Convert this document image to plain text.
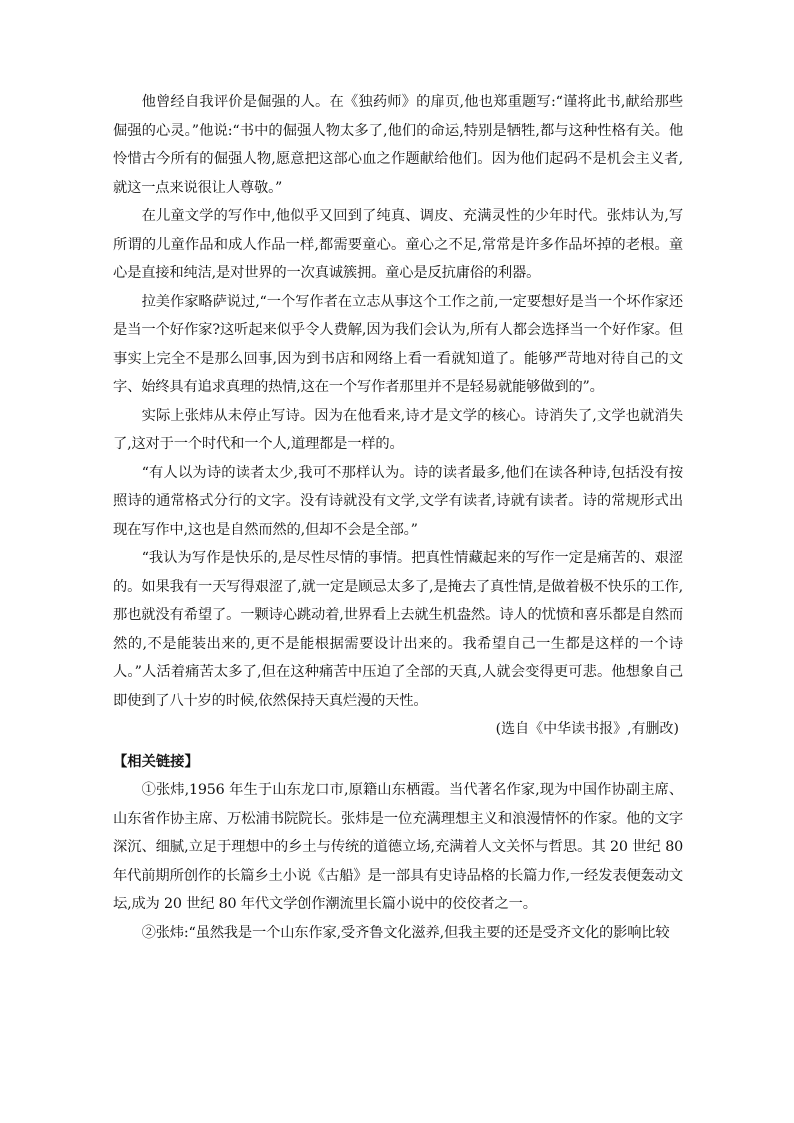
他曾经自我评价是倔强的人。在《独药师》的扉页,他也郑重题写:“谨将此书,献给那些倔强的心灵。”他说:“书中的倔强人物太多了,他们的命运,特别是牺牲,都与这种性格有关。他怜惜古今所有的倔强人物,愿意把这部心血之作题献给他们。因为他们起码不是机会主义者,就这一点来说很让人尊敬。”

在儿童文学的写作中,他似乎又回到了纯真、调皮、充满灵性的少年时代。张炜认为,写所谓的儿童作品和成人作品一样,都需要童心。童心之不足,常常是许多作品坏掉的老根。童心是直接和纯洁,是对世界的一次真诚簇拥。童心是反抗庸俗的利器。

拉美作家略萨说过,“一个写作者在立志从事这个工作之前,一定要想好是当一个坏作家还是当一个好作家?这听起来似乎令人费解,因为我们会认为,所有人都会选择当一个好作家。但事实上完全不是那么回事,因为到书店和网络上看一看就知道了。能够严苛地对待自己的文字、始终具有追求真理的热情,这在一个写作者那里并不是轻易就能够做到的”。

实际上张炜从未停止写诗。因为在他看来,诗才是文学的核心。诗消失了,文学也就消失了,这对于一个时代和一个人,道理都是一样的。

“有人以为诗的读者太少,我可不那样认为。诗的读者最多,他们在读各种诗,包括没有按照诗的通常格式分行的文字。没有诗就没有文学,文学有读者,诗就有读者。诗的常规形式出现在写作中,这也是自然而然的,但却不会是全部。”

“我认为写作是快乐的,是尽性尽情的事情。把真性情藏起来的写作一定是痛苦的、艰涩的。如果我有一天写得艰涩了,就一定是顾忌太多了,是掩去了真性情,是做着极不快乐的工作,那也就没有希望了。一颗诗心跳动着,世界看上去就生机盎然。诗人的忧愤和喜乐都是自然而然的,不是能装出来的,更不是能根据需要设计出来的。我希望自己一生都是这样的一个诗人。”人活着痛苦太多了,但在这种痛苦中压迫了全部的天真,人就会变得更可悲。他想象自己即使到了八十岁的时候,依然保持天真烂漫的天性。

(选自《中华读书报》,有删改)

【相关链接】

①张炜,1956 年生于山东龙口市,原籍山东栖霞。当代著名作家,现为中国作协副主席、山东省作协主席、万松浦书院院长。张炜是一位充满理想主义和浪漫情怀的作家。他的文字深沉、细腻,立足于理想中的乡土与传统的道德立场,充满着人文关怀与哲思。其 20 世纪 80 年代前期所创作的长篇乡土小说《古船》是一部具有史诗品格的长篇力作,一经发表便轰动文坛,成为 20 世纪 80 年代文学创作潮流里长篇小说中的佼佼者之一。

②张炜:“虽然我是一个山东作家,受齐鲁文化滋养,但我主要的还是受齐文化的影响比较
